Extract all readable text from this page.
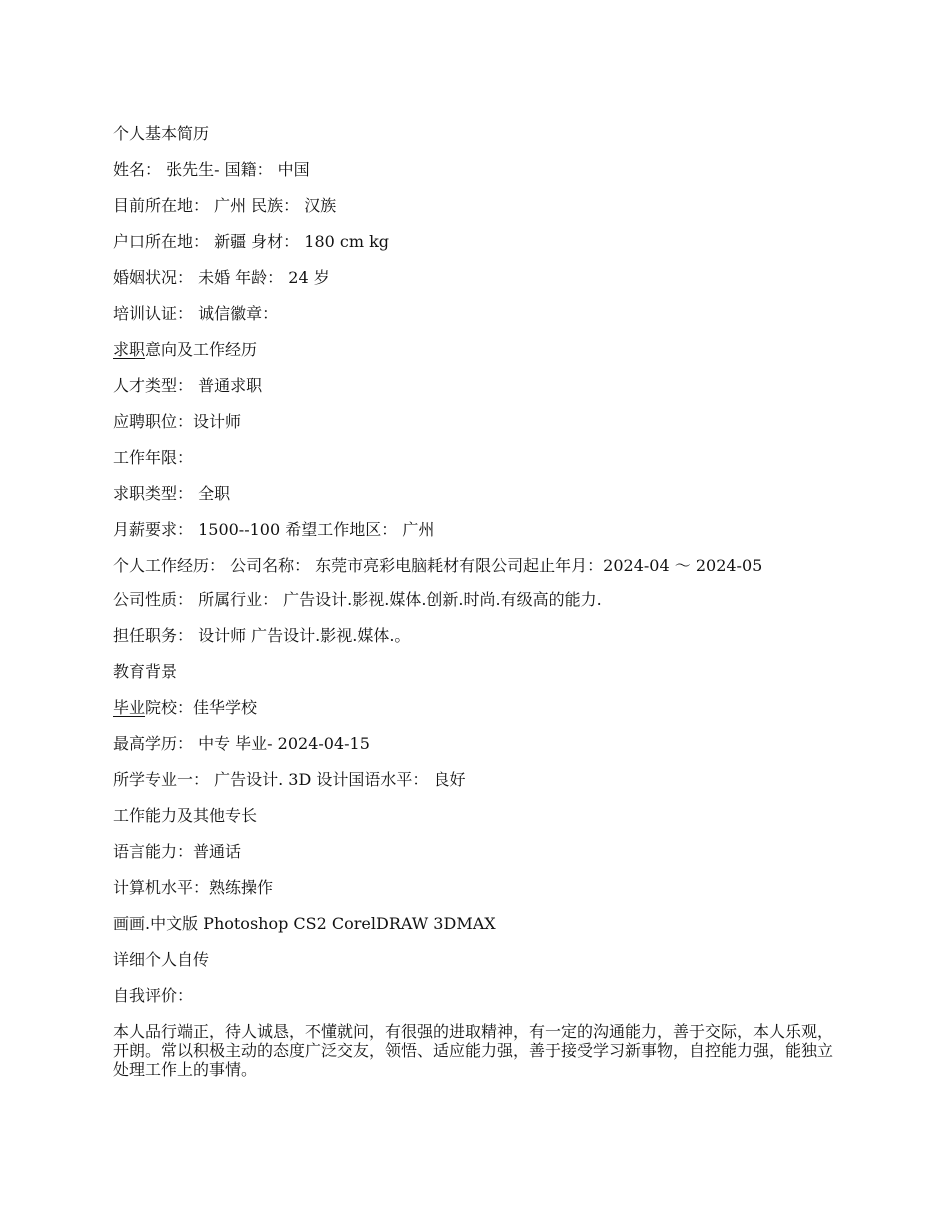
个人基本简历
姓名： 张先生- 国籍： 中国
目前所在地： 广州 民族： 汉族
户口所在地： 新疆 身材： 180 cm kg
婚姻状况： 未婚 年龄： 24 岁
培训认证： 诚信徽章：
求职意向及工作经历
人才类型： 普通求职
应聘职位：设计师
工作年限：
求职类型： 全职
月薪要求： 1500--100 希望工作地区： 广州
个人工作经历： 公司名称： 东莞市亮彩电脑耗材有限公司起止年月：2024-04 ～ 2024-05
公司性质： 所属行业： 广告设计.影视.媒体.创新.时尚.有级高的能力.
担任职务： 设计师 广告设计.影视.媒体.。
教育背景
毕业院校：佳华学校
最高学历： 中专 毕业- 2024-04-15
所学专业一： 广告设计. 3D 设计国语水平： 良好
工作能力及其他专长
语言能力：普通话
计算机水平：熟练操作
画画.中文版 Photoshop CS2 CorelDRAW 3DMAX
详细个人自传
自我评价：
本人品行端正，待人诚恳，不懂就问，有很强的进取精神，有一定的沟通能力，善于交际，本人乐观，开朗。常以积极主动的态度广泛交友，领悟、适应能力强，善于接受学习新事物，自控能力强，能独立处理工作上的事情。
